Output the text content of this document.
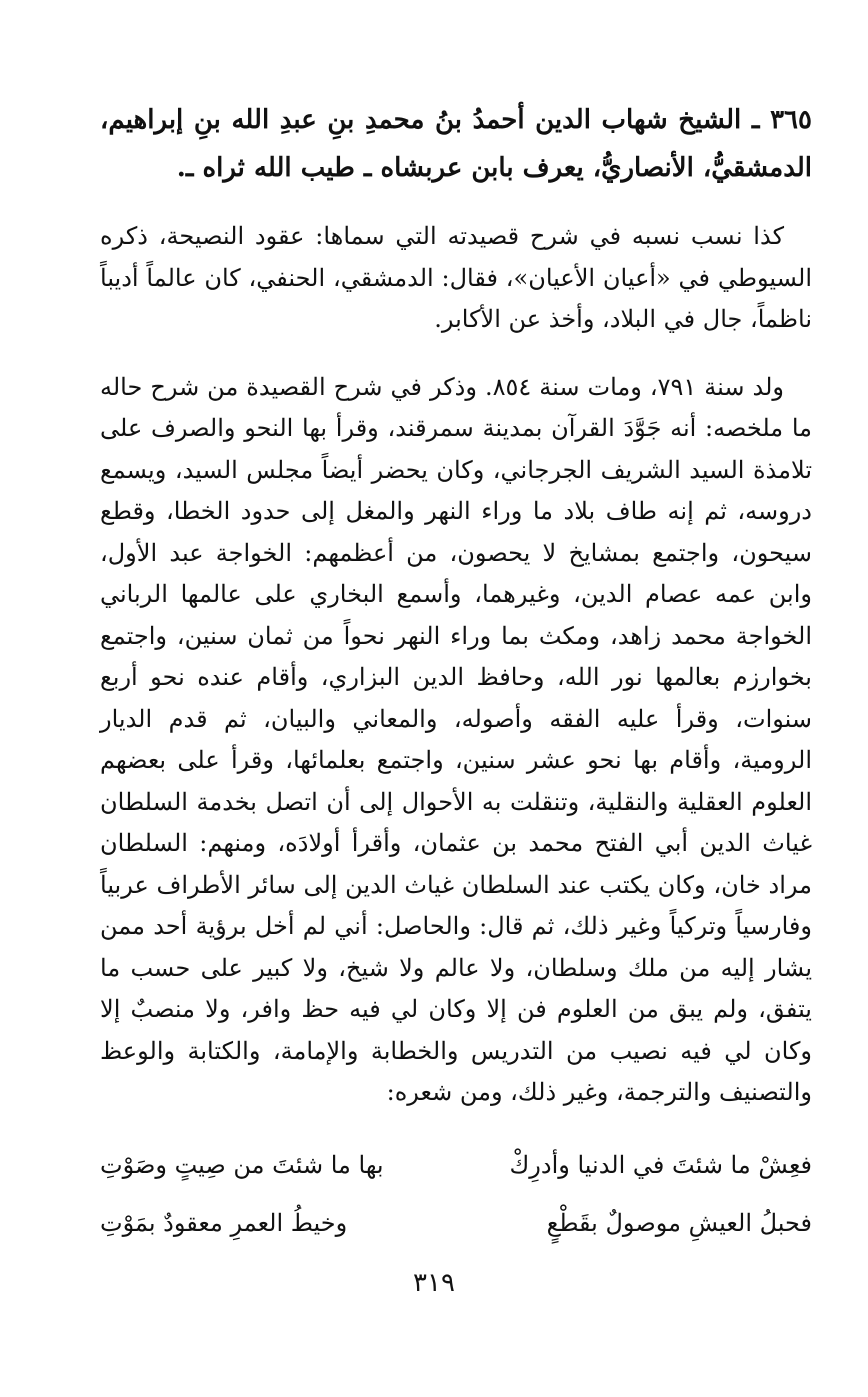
٣٦٥ ـ الشيخ شهاب الدين أحمدُ بنُ محمدِ بنِ عبدِ الله بنِ إبراهيم، الدمشقيُّ، الأنصاريُّ، يعرف بابن عربشاه ـ طيب الله ثراه ـ.

كذا نسب نسبه في شرح قصيدته التي سماها: عقود النصيحة، ذكره السيوطي في «أعيان الأعيان»، فقال: الدمشقي، الحنفي، كان عالماً أديباً ناظماً، جال في البلاد، وأخذ عن الأكابر.

ولد سنة ٧٩١، ومات سنة ٨٥٤. وذكر في شرح القصيدة من شرح حاله ما ملخصه: أنه جَوَّدَ القرآن بمدينة سمرقند، وقرأ بها النحو والصرف على تلامذة السيد الشريف الجرجاني، وكان يحضر أيضاً مجلس السيد، ويسمع دروسه، ثم إنه طاف بلاد ما وراء النهر والمغل إلى حدود الخطا، وقطع سيحون، واجتمع بمشايخ لا يحصون، من أعظمهم: الخواجة عبد الأول، وابن عمه عصام الدين، وغيرهما، وأسمع البخاري على عالمها الرباني الخواجة محمد زاهد، ومكث بما وراء النهر نحواً من ثمان سنين، واجتمع بخوارزم بعالمها نور الله، وحافظ الدين البزاري، وأقام عنده نحو أربع سنوات، وقرأ عليه الفقه وأصوله، والمعاني والبيان، ثم قدم الديار الرومية، وأقام بها نحو عشر سنين، واجتمع بعلمائها، وقرأ على بعضهم العلوم العقلية والنقلية، وتنقلت به الأحوال إلى أن اتصل بخدمة السلطان غياث الدين أبي الفتح محمد بن عثمان، وأقرأ أولادَه، ومنهم: السلطان مراد خان، وكان يكتب عند السلطان غياث الدين إلى سائر الأطراف عربياً وفارسياً وتركياً وغير ذلك، ثم قال: والحاصل: أني لم أخل برؤية أحد ممن يشار إليه من ملك وسلطان، ولا عالم ولا شيخ، ولا كبير على حسب ما يتفق، ولم يبق من العلوم فن إلا وكان لي فيه حظ وافر، ولا منصبٌ إلا وكان لي فيه نصيب من التدريس والخطابة والإمامة، والكتابة والوعظ والتصنيف والترجمة، وغير ذلك، ومن شعره:

فعِشْ ما شئتَ في الدنيا وأدرِكْ
بها ما شئتَ من صِيتٍ وصَوْتِ
فحبلُ العيشِ موصولٌ بقَطْعٍ
وخيطُ العمرِ معقودٌ بمَوْتِ
٣١٩
